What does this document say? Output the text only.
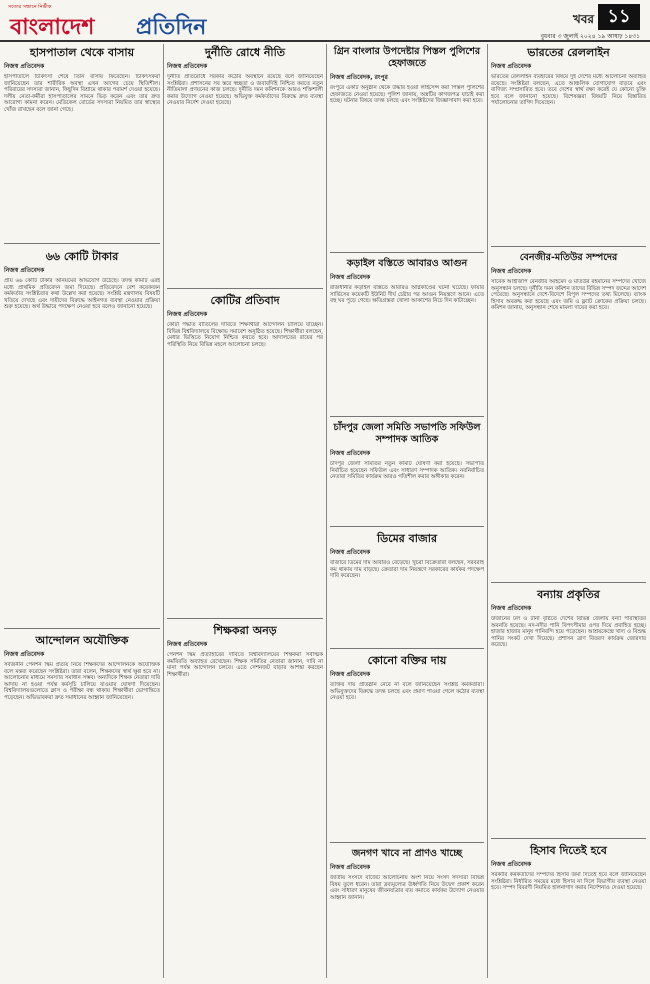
সত্যের সন্ধানে নির্ভীক
বাংলাদেশ প্রতিদিন	খবর ১১
বুধবার ৩ জুলাই ২০২৪ ১৯ আষাঢ় ১৪৩১
হাসপাতাল থেকে বাসায়
নিজস্ব প্রতিবেদক

হাসপাতালে চিকিৎসা শেষে তিনি বাসায় ফিরেছেন। চিকিৎসকরা জানিয়েছেন তার শারীরিক অবস্থা এখন আগের চেয়ে স্থিতিশীল। পরিবারের সদস্যরা জানান, কিছুদিন বিশ্রামে থাকার পরামর্শ দেওয়া হয়েছে। দলীয় নেতা-কর্মীরা হাসপাতালের সামনে ভিড় করেন এবং তার দ্রুত আরোগ্য কামনা করেন। মেডিকেল বোর্ডের সদস্যরা নিয়মিত তার স্বাস্থ্যের খোঁজ রাখছেন বলে জানা গেছে।

৬৬ কোটি টাকার
নিজস্ব প্রতিবেদক

প্রায় ৬৬ কোটি টাকার অনিয়মের অভিযোগ উঠেছে। তদন্ত কমিটি এরই মধ্যে প্রাথমিক প্রতিবেদন জমা দিয়েছে। প্রতিবেদনে বেশ কয়েকজন কর্মকর্তার সংশ্লিষ্টতার কথা উল্লেখ করা হয়েছে। সংশ্লিষ্ট মন্ত্রণালয় বিষয়টি খতিয়ে দেখছে এবং দায়ীদের বিরুদ্ধে আইনগত ব্যবস্থা নেওয়ার প্রক্রিয়া শুরু হয়েছে। অর্থ উদ্ধারে পদক্ষেপ নেওয়া হবে বলেও জানানো হয়েছে।

আন্দোলন অযৌক্তিক
নিজস্ব প্রতিবেদক

সর্বজনীন পেনশন স্কিম প্রত্যয় নিয়ে শিক্ষকদের আন্দোলনকে অযৌক্তিক বলে মন্তব্য করেছেন সংশ্লিষ্টরা। তারা বলেন, শিক্ষকদের স্বার্থ ক্ষুণ্ণ হবে না। আলোচনার মাধ্যমে সমস্যার সমাধান সম্ভব। অন্যদিকে শিক্ষক নেতারা দাবি আদায় না হওয়া পর্যন্ত কর্মসূচি চালিয়ে যাওয়ার ঘোষণা দিয়েছেন। বিশ্ববিদ্যালয়গুলোতে ক্লাস ও পরীক্ষা বন্ধ থাকায় শিক্ষার্থীরা ভোগান্তিতে পড়েছেন। অভিভাবকরা দ্রুত সমাধানের আহ্বান জানিয়েছেন।

দুর্নীতি রোধে নীতি
নিজস্ব প্রতিবেদক

দুর্নীতি প্রতিরোধে সরকার কঠোর অবস্থানে রয়েছে বলে জানিয়েছেন সংশ্লিষ্টরা। প্রশাসনের সব স্তরে স্বচ্ছতা ও জবাবদিহি নিশ্চিত করতে নতুন নীতিমালা প্রণয়নের কাজ চলছে। দুর্নীতি দমন কমিশনকে আরও শক্তিশালী করার উদ্যোগ নেওয়া হয়েছে। অভিযুক্ত কর্মকর্তাদের বিরুদ্ধে দ্রুত ব্যবস্থা নেওয়ার নির্দেশ দেওয়া হয়েছে।

কোটির প্রতিবাদ
নিজস্ব প্রতিবেদক

কোটা পদ্ধতি বাতিলের দাবিতে শিক্ষার্থীরা আন্দোলন চালিয়ে যাচ্ছেন। বিভিন্ন বিশ্ববিদ্যালয়ে বিক্ষোভ সমাবেশ অনুষ্ঠিত হয়েছে। শিক্ষার্থীরা বলছেন, মেধার ভিত্তিতে নিয়োগ নিশ্চিত করতে হবে। আদালতের রায়ের পর পরিস্থিতি নিয়ে বিভিন্ন মহলে আলোচনা চলছে।

শিক্ষকরা অনড়
নিজস্ব প্রতিবেদক

পেনশন স্কিম প্রত্যাহারের দাবিতে বিশ্ববিদ্যালয়ের শিক্ষকরা সর্বাত্মক কর্মবিরতি অব্যাহত রেখেছেন। শিক্ষক সমিতির নেতারা জানান, দাবি না মানা পর্যন্ত আন্দোলন চলবে। এতে সেশনজট বাড়ার আশঙ্কা করছেন শিক্ষার্থীরা।

গ্রিন বাংলার উপদেষ্টার পিস্তল পুলিশের হেফাজতে
নিজস্ব প্রতিবেদক, রংপুর

রংপুরে একটি অনুষ্ঠান থেকে উদ্ধার হওয়া লাইসেন্স করা পিস্তল পুলিশের হেফাজতে নেওয়া হয়েছে। পুলিশ জানায়, অস্ত্রটির কাগজপত্র যাচাই করা হচ্ছে। ঘটনার বিষয়ে তদন্ত চলছে এবং সংশ্লিষ্টদের জিজ্ঞাসাবাদ করা হবে।

কড়াইল বস্তিতে আবারও আগুন
নিজস্ব প্রতিবেদক

রাজধানীর কড়াইল বস্তিতে আবারও অগ্নিকাণ্ডের ঘটনা ঘটেছে। ফায়ার সার্ভিসের কয়েকটি ইউনিট দীর্ঘ চেষ্টার পর আগুন নিয়ন্ত্রণে আনে। এতে বহু ঘর পুড়ে গেছে। ক্ষতিগ্রস্তরা খোলা আকাশের নিচে দিন কাটাচ্ছেন।

চাঁদপুর জেলা সমিতি সভাপতি সফিউল সম্পাদক আতিক
নিজস্ব প্রতিবেদক

চাঁদপুর জেলা সমিতির নতুন কমিটি ঘোষণা করা হয়েছে। সভাপতি নির্বাচিত হয়েছেন সফিউল এবং সাধারণ সম্পাদক আতিক। নবনির্বাচিত নেতারা সমিতির কার্যক্রম আরও গতিশীল করার অঙ্গীকার করেন।

ডিমের বাজার
নিজস্ব প্রতিবেদক

বাজারে ডিমের দাম আবারও বেড়েছে। খুচরা বিক্রেতারা বলছেন, সরবরাহ কম থাকায় দাম বাড়ছে। ক্রেতারা দাম নিয়ন্ত্রণে সরকারের কার্যকর পদক্ষেপ দাবি করেছেন।

কোনো বক্তির দায়
নিজস্ব প্রতিবেদক

ব্যক্তির দায় প্রতিষ্ঠান নেবে না বলে জানিয়েছেন সংশ্লিষ্ট কর্মকর্তারা। অভিযুক্তদের বিরুদ্ধে তদন্ত চলছে এবং প্রমাণ পাওয়া গেলে কঠোর ব্যবস্থা নেওয়া হবে।

জনগণ খাবে না প্রাণও খাচ্ছে
নিজস্ব প্রতিবেদক

জাতীয় সংসদে বাজেট আলোচনায় অংশ নিয়ে সংসদ সদস্যরা বিভিন্ন বিষয় তুলে ধরেন। তারা দ্রব্যমূল্যের ঊর্ধ্বগতি নিয়ে উদ্বেগ প্রকাশ করেন এবং সাধারণ মানুষের জীবনযাত্রার ব্যয় কমাতে কার্যকর উদ্যোগ নেওয়ার আহ্বান জানান।

ভারতের রেললাইন
নিজস্ব প্রতিবেদক

ভারতের রেললাইন ব্যবহারের বিষয়ে দুই দেশের মধ্যে আলোচনা অব্যাহত রয়েছে। সংশ্লিষ্টরা বলছেন, এতে আঞ্চলিক যোগাযোগ বাড়বে এবং বাণিজ্য সম্প্রসারিত হবে। তবে দেশের স্বার্থ রক্ষা করেই যে কোনো চুক্তি হবে বলে জানানো হয়েছে। বিশেষজ্ঞরা বিষয়টি নিয়ে বিস্তারিত পর্যালোচনার তাগিদ দিয়েছেন।

বেনজীর-মতিউর সম্পদের
নিজস্ব প্রতিবেদক

সাবেক আইজিপি বেনজীর আহমেদ ও মতিউর রহমানের সম্পদের খোঁজে অনুসন্ধান চলছে। দুর্নীতি দমন কমিশন তাদের বিভিন্ন সম্পদ জব্দের আদেশ পেয়েছে। অনুসন্ধানে দেশে-বিদেশে বিপুল সম্পদের তথ্য মিলেছে। ব্যাংক হিসাব অবরুদ্ধ করা হয়েছে এবং জমি ও ফ্ল্যাট ক্রোকের প্রক্রিয়া চলছে। কমিশন জানায়, অনুসন্ধান শেষে মামলা দায়ের করা হবে।

বন্যায় প্রকৃতির
নিজস্ব প্রতিবেদক

উজানের ঢল ও টানা বৃষ্টিতে দেশের বিভিন্ন জেলায় বন্যা পরিস্থিতির অবনতি হয়েছে। নদ-নদীর পানি বিপৎসীমার ওপর দিয়ে প্রবাহিত হচ্ছে। হাজার হাজার মানুষ পানিবন্দি হয়ে পড়েছেন। আশ্রয়কেন্দ্রে খাদ্য ও বিশুদ্ধ পানির সংকট দেখা দিয়েছে। প্রশাসন ত্রাণ বিতরণ কার্যক্রম জোরদার করেছে।

হিসাব দিতেই হবে
নিজস্ব প্রতিবেদক

সরকারি কর্মকর্তাদের সম্পদের হিসাব জমা দিতেই হবে বলে জানিয়েছেন সংশ্লিষ্টরা। নির্ধারিত সময়ের মধ্যে হিসাব না দিলে বিভাগীয় ব্যবস্থা নেওয়া হবে। সম্পদ বিবরণী নিয়মিত হালনাগাদ করার নির্দেশনাও দেওয়া হয়েছে।
